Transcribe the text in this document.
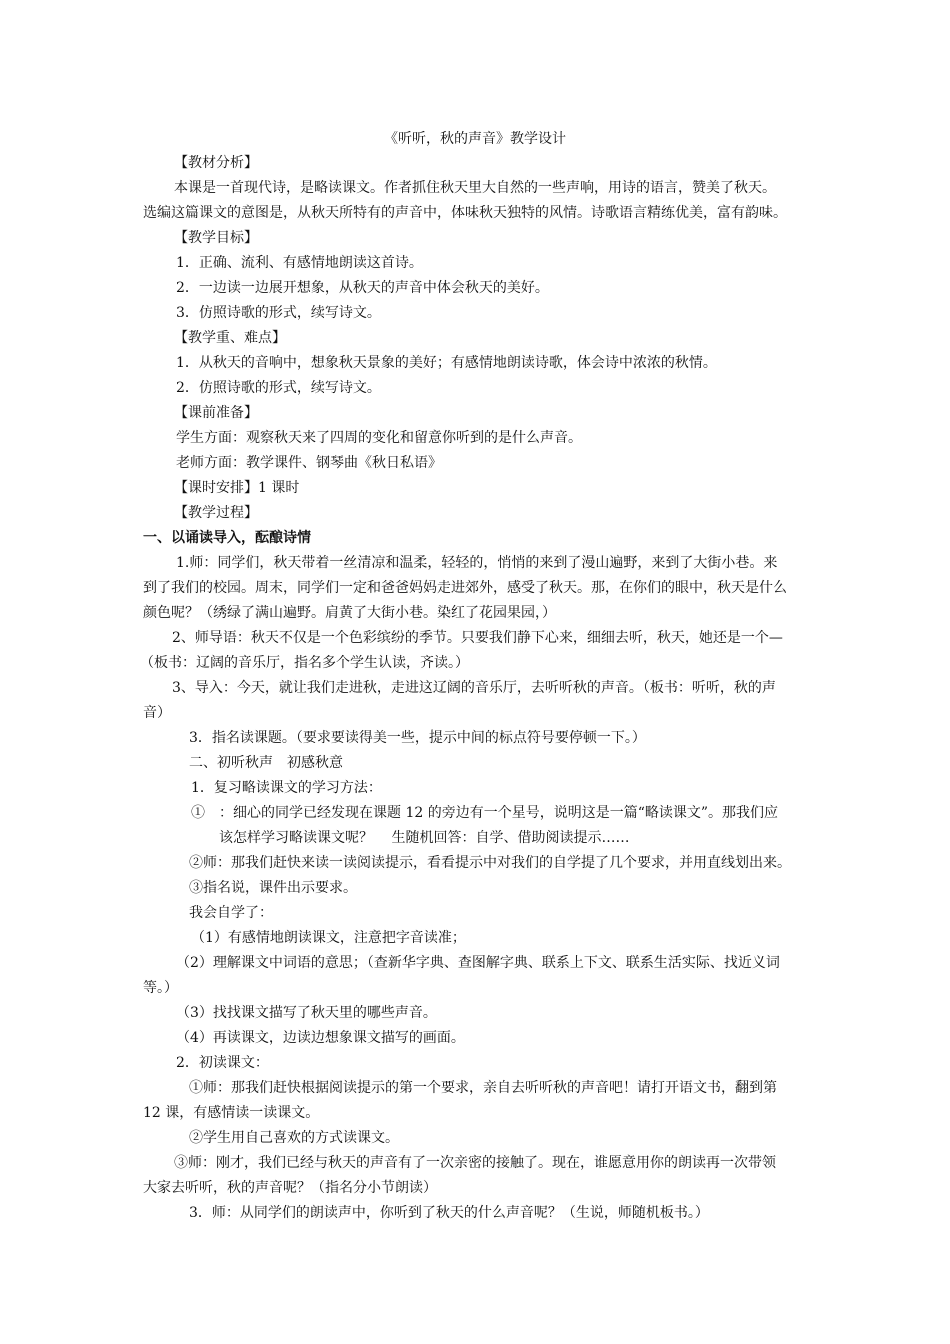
《听听，秋的声音》教学设计
【教材分析】
本课是一首现代诗，是略读课文。作者抓住秋天里大自然的一些声响，用诗的语言，赞美了秋天。
选编这篇课文的意图是，从秋天所特有的声音中，体味秋天独特的风情。诗歌语言精练优美，富有韵味。
【教学目标】
1．正确、流利、有感情地朗读这首诗。
2．一边读一边展开想象，从秋天的声音中体会秋天的美好。
3．仿照诗歌的形式，续写诗文。
【教学重、难点】
1．从秋天的音响中，想象秋天景象的美好；有感情地朗读诗歌，体会诗中浓浓的秋情。
2．仿照诗歌的形式，续写诗文。
【课前准备】
学生方面：观察秋天来了四周的变化和留意你听到的是什么声音。
老师方面：教学课件、钢琴曲《秋日私语》
【课时安排】1 课时
【教学过程】
一、以诵读导入，酝酿诗情
1.师：同学们，秋天带着一丝清凉和温柔，轻轻的，悄悄的来到了漫山遍野，来到了大街小巷。来
到了我们的校园。周末，同学们一定和爸爸妈妈走进郊外，感受了秋天。那，在你们的眼中，秋天是什么
颜色呢？（绣绿了满山遍野。肩黄了大街小巷。染红了花园果园，）
2、师导语：秋天不仅是一个色彩缤纷的季节。只要我们静下心来，细细去听，秋天，她还是一个—
（板书：辽阔的音乐厅，指名多个学生认读，齐读。）
3、导入：今天，就让我们走进秋，走进这辽阔的音乐厅，去听听秋的声音。（板书：听听，秋的声
音）
3．指名读课题。（要求要读得美一些，提示中间的标点符号要停顿一下。）
二、初听秋声　初感秋意
1．复习略读课文的学习方法：
①　：细心的同学已经发现在课题 12 的旁边有一个星号，说明这是一篇“略读课文”。那我们应
该怎样学习略读课文呢？　 生随机回答：自学、借助阅读提示……
②师：那我们赶快来读一读阅读提示，看看提示中对我们的自学提了几个要求，并用直线划出来。
③指名说，课件出示要求。
我会自学了：
（1）有感情地朗读课文，注意把字音读准；
（2）理解课文中词语的意思；（查新华字典、查图解字典、联系上下文、联系生活实际、找近义词
等。）
（3）找找课文描写了秋天里的哪些声音。
（4）再读课文，边读边想象课文描写的画面。
2．初读课文：
①师：那我们赶快根据阅读提示的第一个要求，亲自去听听秋的声音吧！请打开语文书，翻到第
12 课，有感情读一读课文。
②学生用自己喜欢的方式读课文。
③师：刚才，我们已经与秋天的声音有了一次亲密的接触了。现在，谁愿意用你的朗读再一次带领
大家去听听，秋的声音呢？（指名分小节朗读）
3．师：从同学们的朗读声中，你听到了秋天的什么声音呢？（生说，师随机板书。）
